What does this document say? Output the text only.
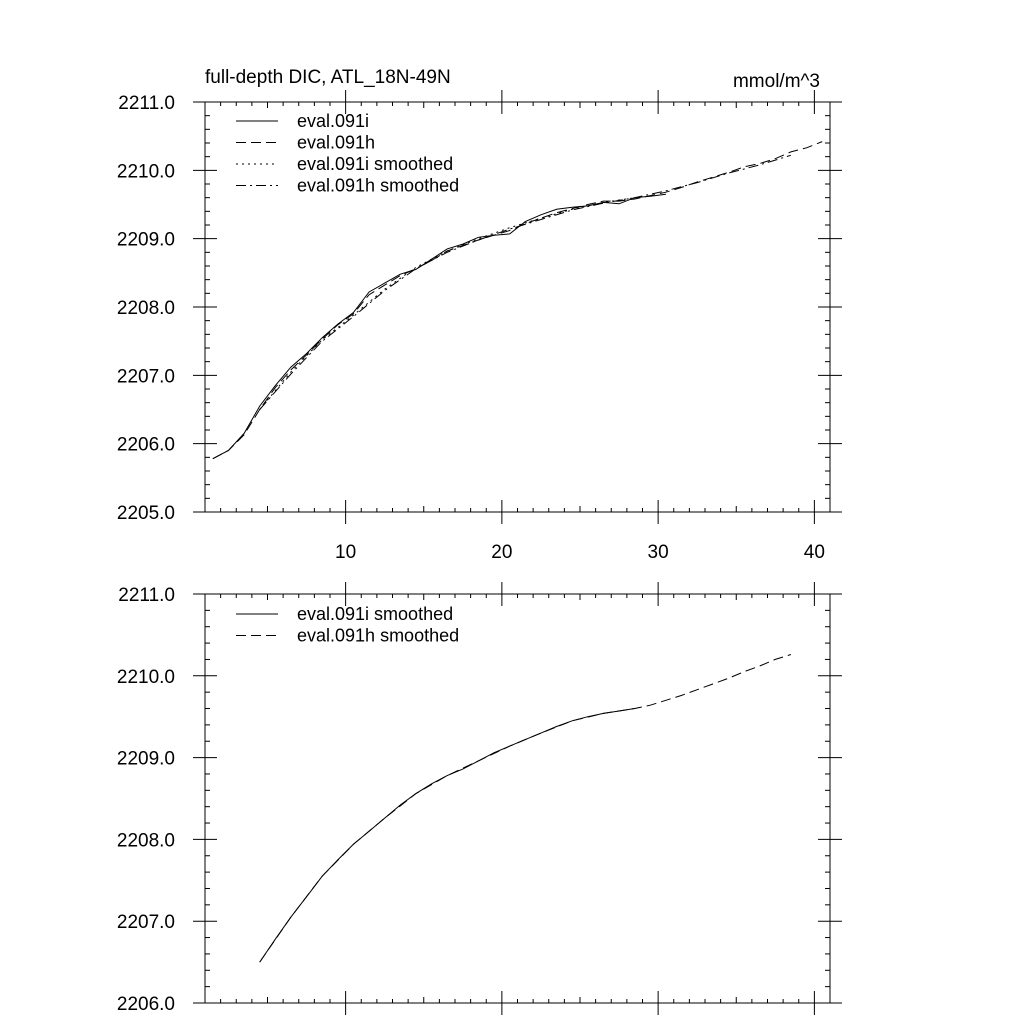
10	20	30	40
2205.0
2206.0
2207.0
2208.0
2209.0
2210.0
2211.0
full-depth DIC, ATL_18N-49N	mmol/m^3
eval.091i
eval.091h
eval.091i smoothed
eval.091h smoothed
2206.0
2207.0
2208.0
2209.0
2210.0
2211.0
eval.091i smoothed
eval.091h smoothed
